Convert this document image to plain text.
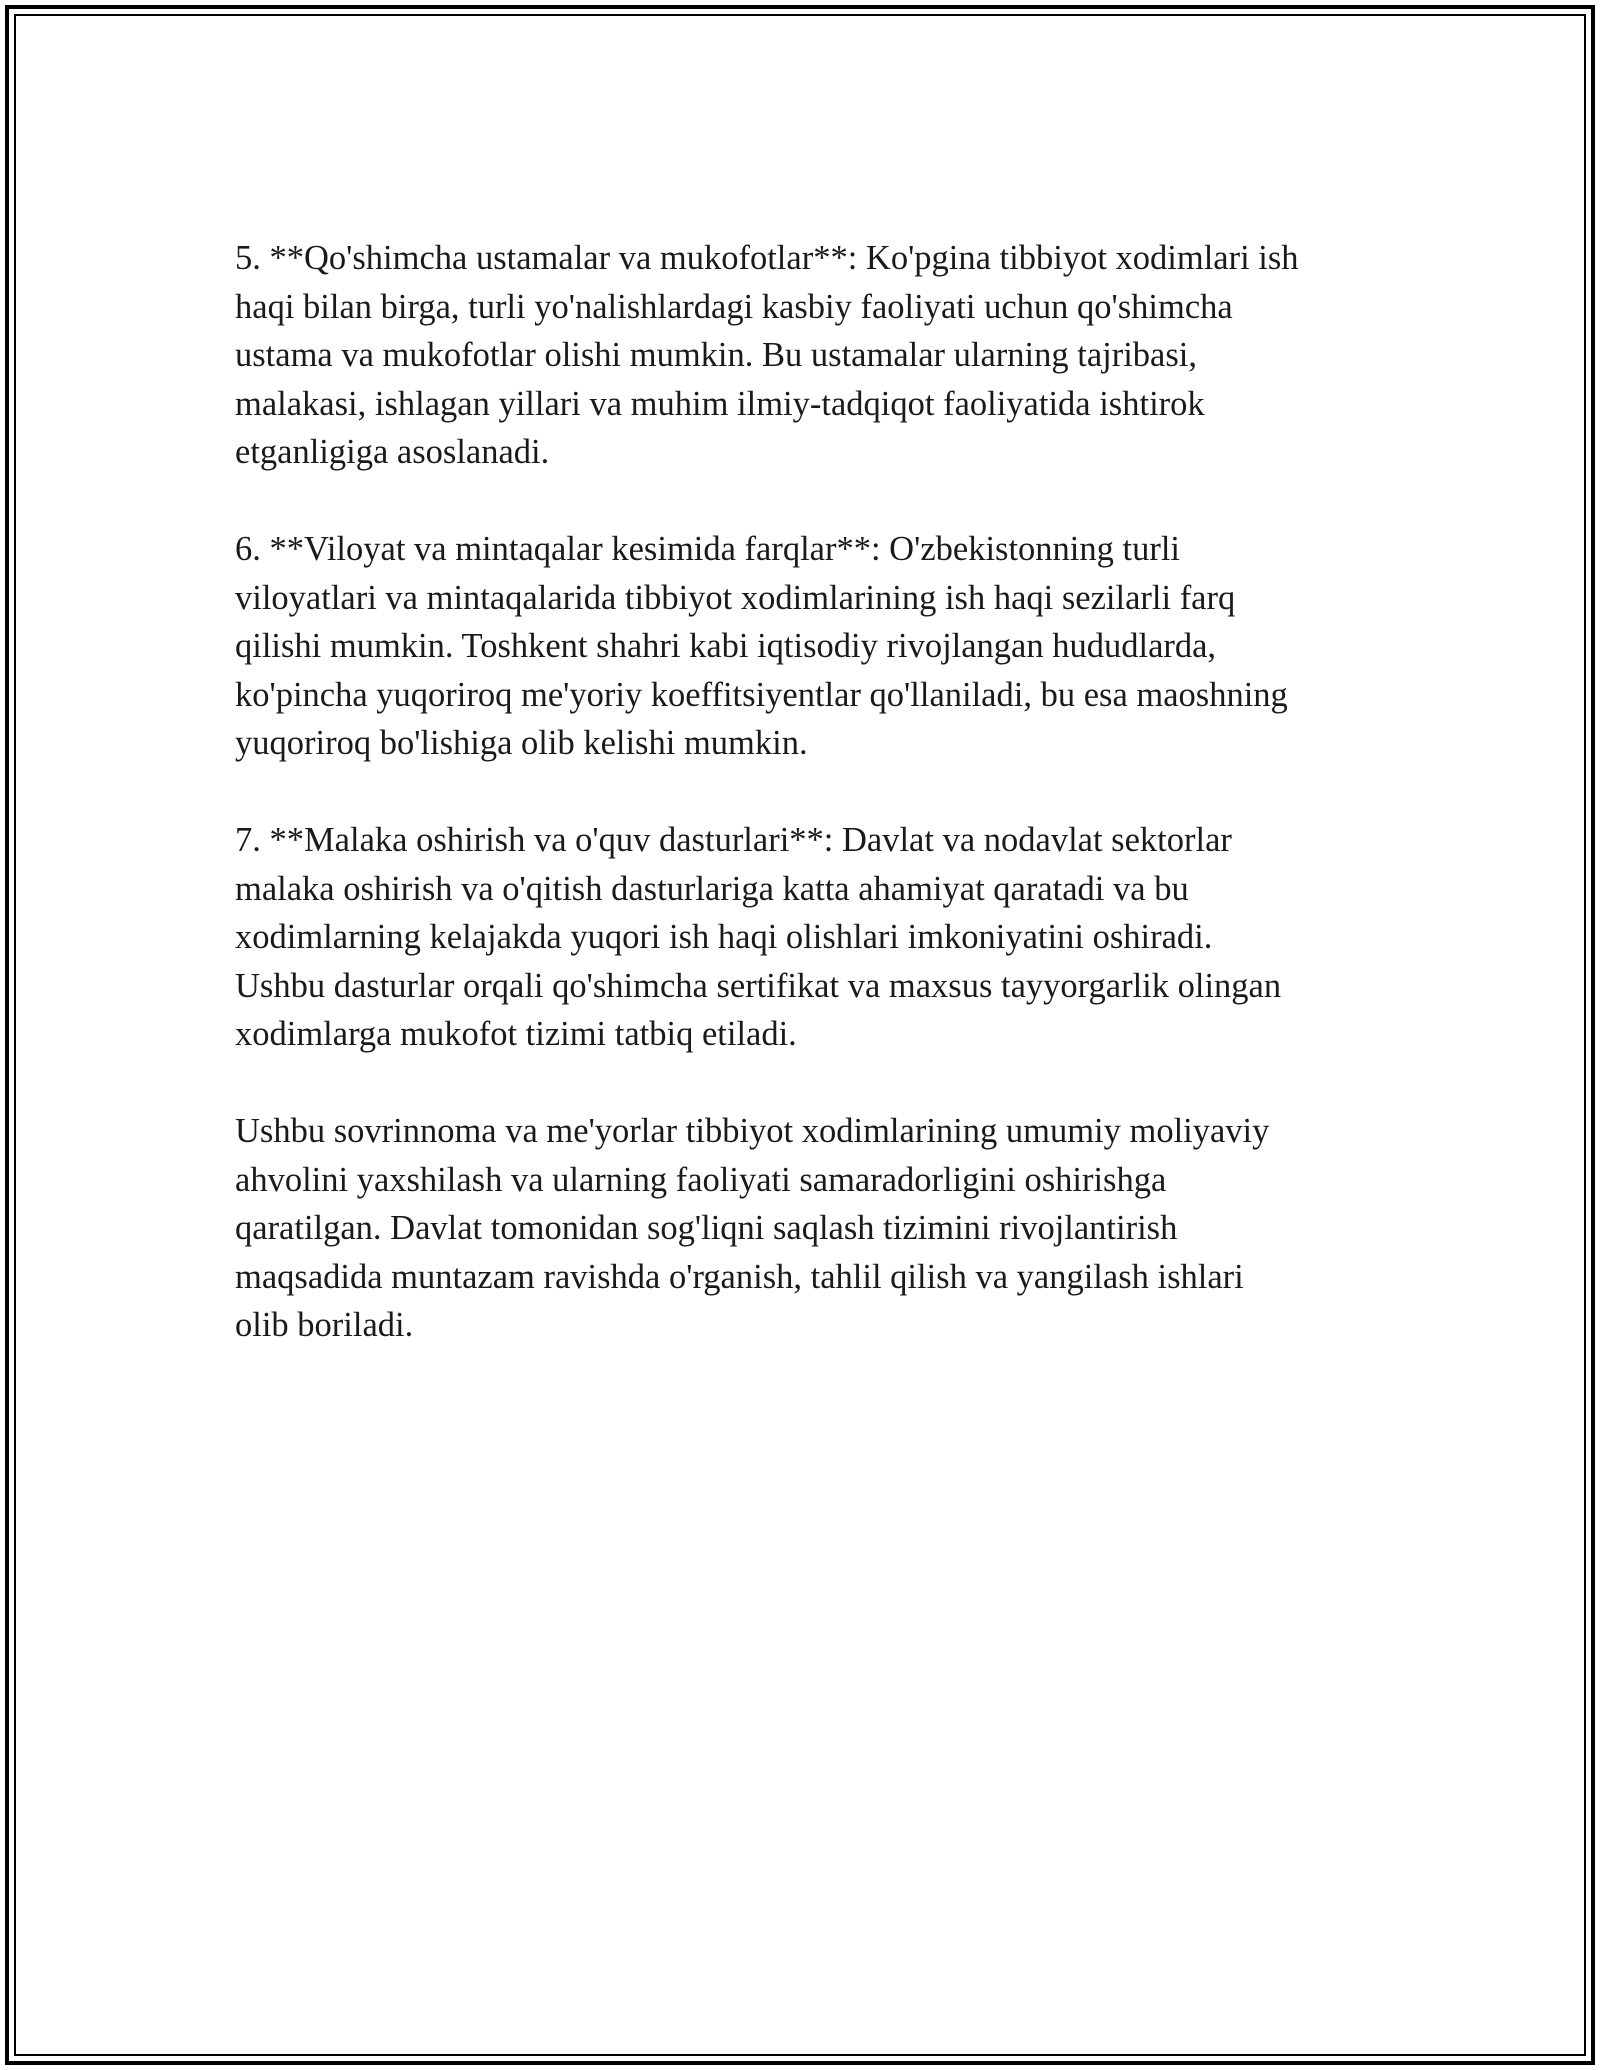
5. **Qo'shimcha ustamalar va mukofotlar**: Ko'pgina tibbiyot xodimlari ish
haqi bilan birga, turli yo'nalishlardagi kasbiy faoliyati uchun qo'shimcha
ustama va mukofotlar olishi mumkin. Bu ustamalar ularning tajribasi,
malakasi, ishlagan yillari va muhim ilmiy-tadqiqot faoliyatida ishtirok
etganligiga asoslanadi.

6. **Viloyat va mintaqalar kesimida farqlar**: O'zbekistonning turli
viloyatlari va mintaqalarida tibbiyot xodimlarining ish haqi sezilarli farq
qilishi mumkin. Toshkent shahri kabi iqtisodiy rivojlangan hududlarda,
ko'pincha yuqoriroq me'yoriy koeffitsiyentlar qo'llaniladi, bu esa maoshning
yuqoriroq bo'lishiga olib kelishi mumkin.

7. **Malaka oshirish va o'quv dasturlari**: Davlat va nodavlat sektorlar
malaka oshirish va o'qitish dasturlariga katta ahamiyat qaratadi va bu
xodimlarning kelajakda yuqori ish haqi olishlari imkoniyatini oshiradi.
Ushbu dasturlar orqali qo'shimcha sertifikat va maxsus tayyorgarlik olingan
xodimlarga mukofot tizimi tatbiq etiladi.

Ushbu sovrinnoma va me'yorlar tibbiyot xodimlarining umumiy moliyaviy
ahvolini yaxshilash va ularning faoliyati samaradorligini oshirishga
qaratilgan. Davlat tomonidan sog'liqni saqlash tizimini rivojlantirish
maqsadida muntazam ravishda o'rganish, tahlil qilish va yangilash ishlari
olib boriladi.
